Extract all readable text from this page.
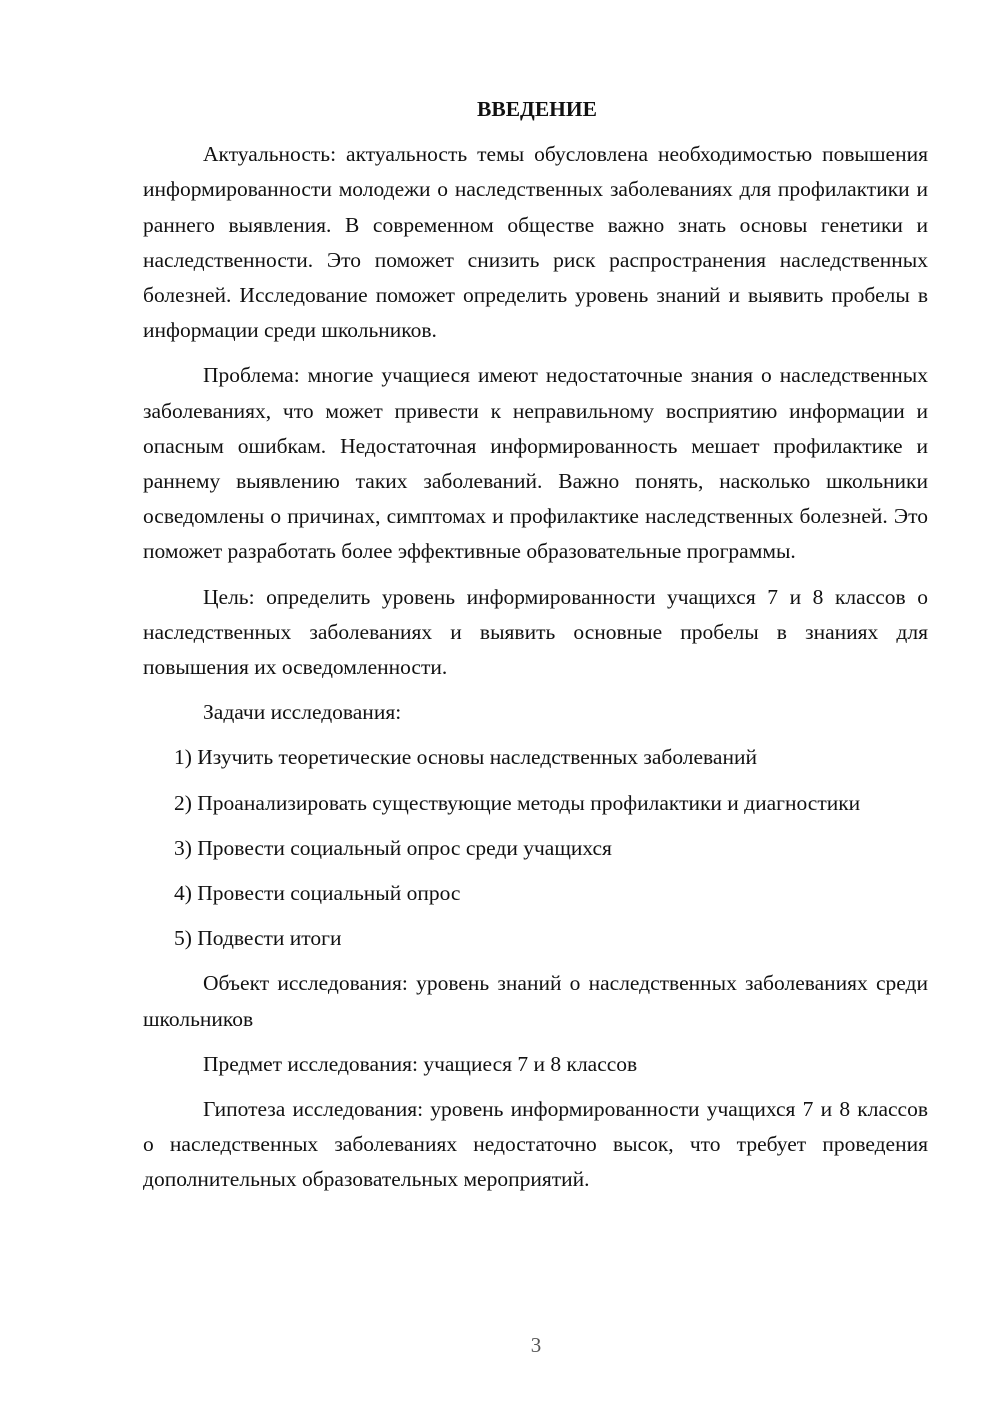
ВВЕДЕНИЕ

Актуальность: актуальность темы обусловлена необходимостью повышения информированности молодежи о наследственных заболеваниях для профилактики и раннего выявления. В современном обществе важно знать основы генетики и наследственности. Это поможет снизить риск распространения наследственных болезней. Исследование поможет определить уровень знаний и выявить пробелы в информации среди школьников.

Проблема: многие учащиеся имеют недостаточные знания о наследственных заболеваниях, что может привести к неправильному восприятию информации и опасным ошибкам. Недостаточная информированность мешает профилактике и раннему выявлению таких заболеваний. Важно понять, насколько школьники осведомлены о причинах, симптомах и профилактике наследственных болезней. Это поможет разработать более эффективные образовательные программы.

Цель: определить уровень информированности учащихся 7 и 8 классов о наследственных заболеваниях и выявить основные пробелы в знаниях для повышения их осведомленности.

Задачи исследования:

1) Изучить теоретические основы наследственных заболеваний

2) Проанализировать существующие методы профилактики и диагностики

3) Провести социальный опрос среди учащихся

4) Провести социальный опрос

5) Подвести итоги

Объект исследования: уровень знаний о наследственных заболеваниях среди школьников

Предмет исследования: учащиеся 7 и 8 классов

Гипотеза исследования: уровень информированности учащихся 7 и 8 классов о наследственных заболеваниях недостаточно высок, что требует проведения дополнительных образовательных мероприятий.

3
